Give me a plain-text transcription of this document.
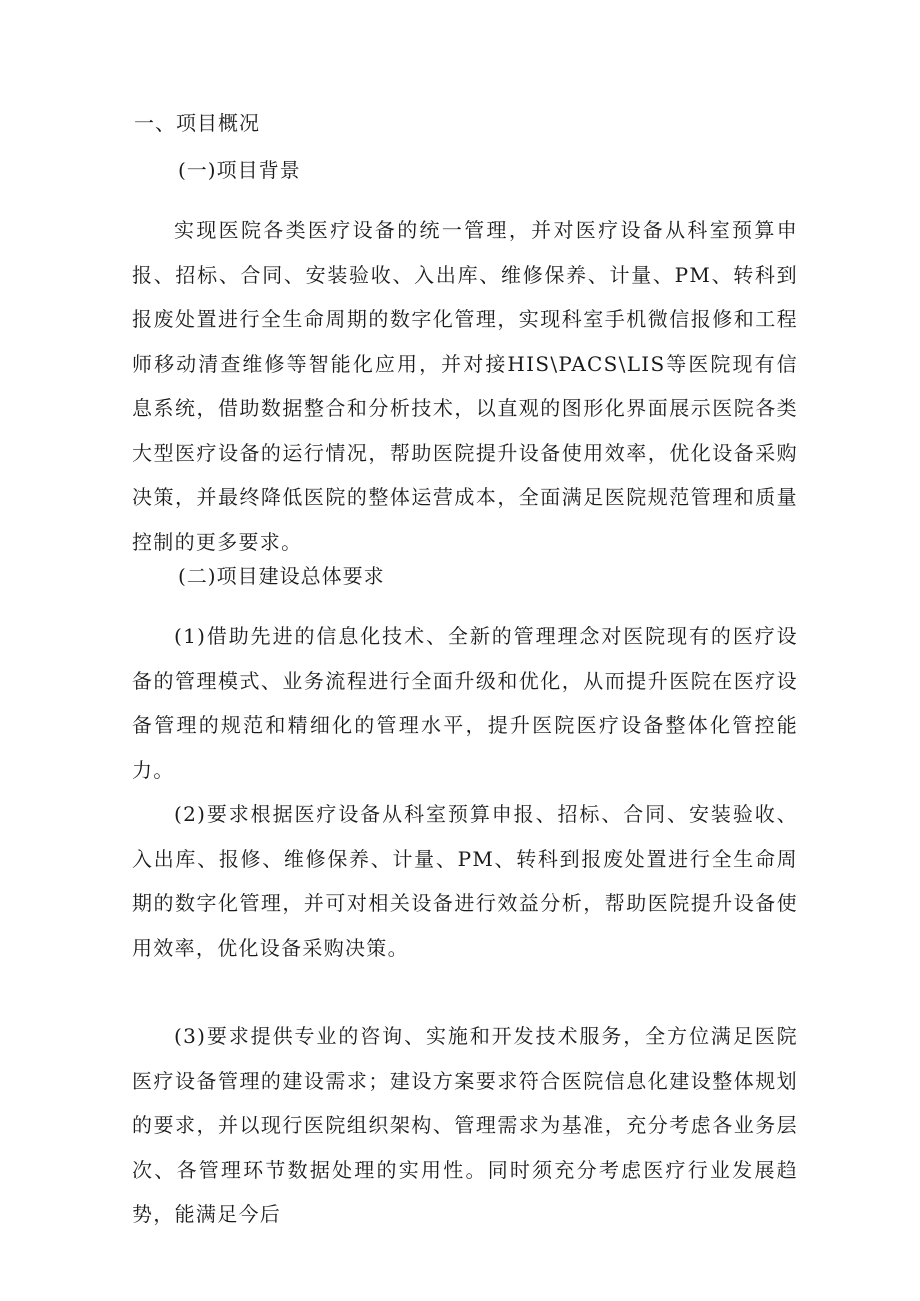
一、项目概况
(一)项目背景

实现医院各类医疗设备的统一管理，并对医疗设备从科室预算申报、招标、合同、安装验收、入出库、维修保养、计量、PM、转科到报废处置进行全生命周期的数字化管理，实现科室手机微信报修和工程师移动清查维修等智能化应用，并对接HIS\PACS\LIS等医院现有信息系统，借助数据整合和分析技术，以直观的图形化界面展示医院各类大型医疗设备的运行情况，帮助医院提升设备使用效率，优化设备采购决策，并最终降低医院的整体运营成本，全面满足医院规范管理和质量控制的更多要求。

(二)项目建设总体要求

(1)借助先进的信息化技术、全新的管理理念对医院现有的医疗设备的管理模式、业务流程进行全面升级和优化，从而提升医院在医疗设备管理的规范和精细化的管理水平，提升医院医疗设备整体化管控能力。

(2)要求根据医疗设备从科室预算申报、招标、合同、安装验收、入出库、报修、维修保养、计量、PM、转科到报废处置进行全生命周期的数字化管理，并可对相关设备进行效益分析，帮助医院提升设备使用效率，优化设备采购决策。

(3)要求提供专业的咨询、实施和开发技术服务，全方位满足医院医疗设备管理的建设需求；建设方案要求符合医院信息化建设整体规划的要求，并以现行医院组织架构、管理需求为基准，充分考虑各业务层次、各管理环节数据处理的实用性。同时须充分考虑医疗行业发展趋势，能满足今后
